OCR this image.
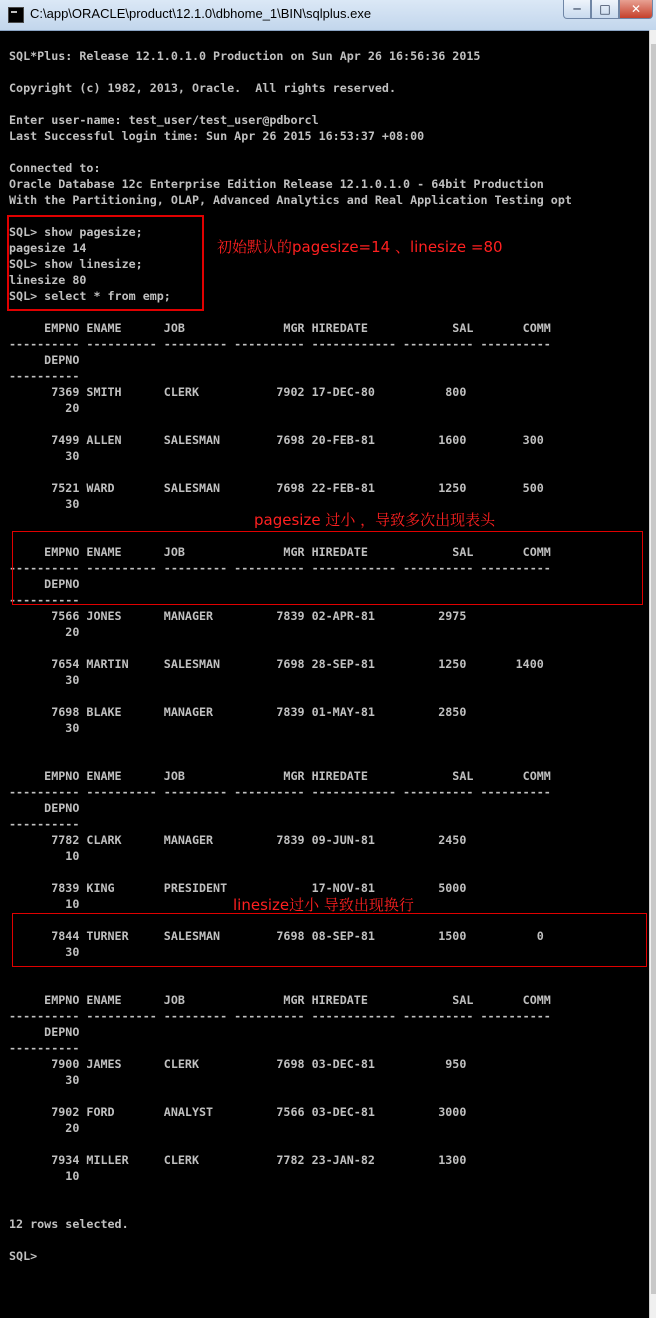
C:\app\ORACLE\product\12.1.0\dbhome_1\BIN\sqlplus.exe	─	□	✕
SQL*Plus: Release 12.1.0.1.0 Production on Sun Apr 26 16:56:36 2015
Copyright (c) 1982, 2013, Oracle.  All rights reserved.
Enter user-name: test_user/test_user@pdborcl
Last Successful login time: Sun Apr 26 2015 16:53:37 +08:00
Connected to:
Oracle Database 12c Enterprise Edition Release 12.1.0.1.0 - 64bit Production
With the Partitioning, OLAP, Advanced Analytics and Real Application Testing opt
SQL> show pagesize;
pagesize 14
SQL> show linesize;
linesize 80
SQL> select * from emp;
EMPNO ENAME      JOB              MGR HIREDATE            SAL       COMM
---------- ---------- --------- ---------- ------------ ---------- ----------
DEPNO
----------
7369 SMITH      CLERK           7902 17-DEC-80          800
20
7499 ALLEN      SALESMAN        7698 20-FEB-81         1600        300
30
7521 WARD       SALESMAN        7698 22-FEB-81         1250        500
30
EMPNO ENAME      JOB              MGR HIREDATE            SAL       COMM
---------- ---------- --------- ---------- ------------ ---------- ----------
DEPNO
----------
7566 JONES      MANAGER         7839 02-APR-81         2975
20
7654 MARTIN     SALESMAN        7698 28-SEP-81         1250       1400
30
7698 BLAKE      MANAGER         7839 01-MAY-81         2850
30
EMPNO ENAME      JOB              MGR HIREDATE            SAL       COMM
---------- ---------- --------- ---------- ------------ ---------- ----------
DEPNO
----------
7782 CLARK      MANAGER         7839 09-JUN-81         2450
10
7839 KING       PRESIDENT            17-NOV-81         5000
10
7844 TURNER     SALESMAN        7698 08-SEP-81         1500          0
30
EMPNO ENAME      JOB              MGR HIREDATE            SAL       COMM
---------- ---------- --------- ---------- ------------ ---------- ----------
DEPNO
----------
7900 JAMES      CLERK           7698 03-DEC-81          950
30
7902 FORD       ANALYST         7566 03-DEC-81         3000
20
7934 MILLER     CLERK           7782 23-JAN-82         1300
10
12 rows selected.
SQL>
初始默认的pagesize=14 、linesize =80
pagesize 过小 ，导致多次出现表头
linesize过小 导致出现换行
